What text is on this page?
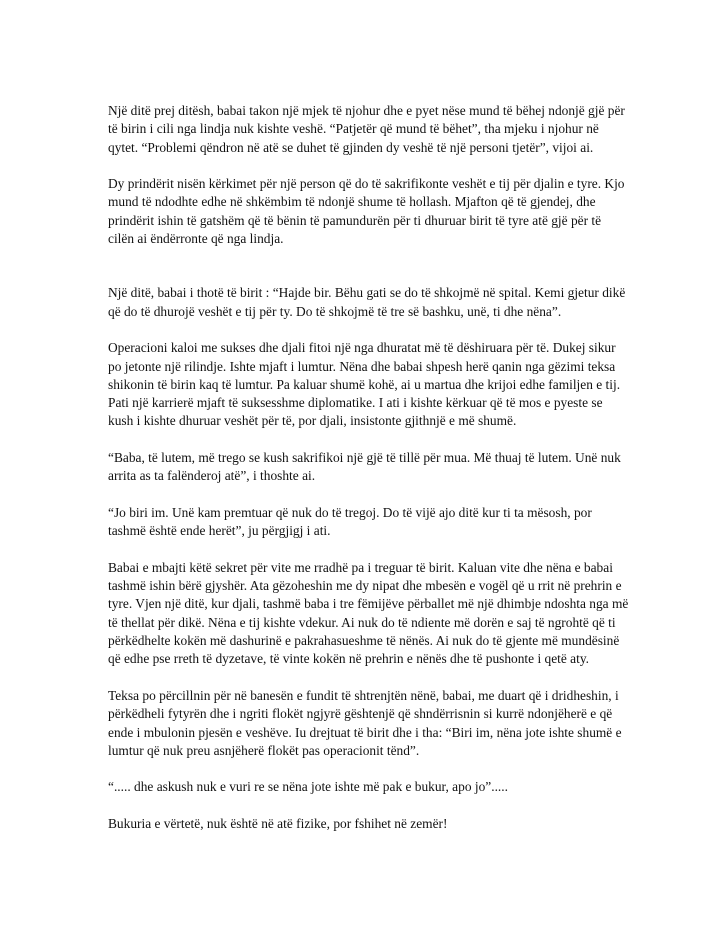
Një ditë prej ditësh, babai takon një mjek të njohur dhe e pyet nëse mund të bëhej ndonjë gjë për të birin i cili nga lindja nuk kishte veshë. “Patjetër që mund të bëhet”, tha mjeku i njohur në qytet. “Problemi qëndron në atë se duhet të gjinden dy veshë të një personi tjetër”, vijoi ai.

Dy prindërit nisën kërkimet për një person që do të sakrifikonte veshët e tij për djalin e tyre. Kjo mund të ndodhte edhe në shkëmbim të ndonjë shume të hollash. Mjafton që të gjendej, dhe prindërit ishin të gatshëm që të bënin të pamundurën për ti dhuruar birit të tyre atë gjë për të cilën ai ëndërronte që nga lindja.

Një ditë, babai i thotë të birit : “Hajde bir. Bëhu gati se do të shkojmë në spital. Kemi gjetur dikë që do të dhurojë veshët e tij për ty. Do të shkojmë të tre së bashku, unë, ti dhe nëna”.

Operacioni kaloi me sukses dhe djali fitoi një nga dhuratat më të dëshiruara për të. Dukej sikur po jetonte një rilindje. Ishte mjaft i lumtur. Nëna dhe babai shpesh herë qanin nga gëzimi teksa shikonin të birin kaq të lumtur. Pa kaluar shumë kohë, ai u martua dhe krijoi edhe familjen e tij. Pati një karrierë mjaft të suksesshme diplomatike. I ati i kishte kërkuar që të mos e pyeste se kush i kishte dhuruar veshët për të, por djali, insistonte gjithnjë e më shumë.

“Baba, të lutem, më trego se kush sakrifikoi një gjë të tillë për mua. Më thuaj të lutem. Unë nuk arrita as ta falënderoj atë”, i thoshte ai.

“Jo biri im. Unë kam premtuar që nuk do të tregoj. Do të vijë ajo ditë kur ti ta mësosh, por tashmë është ende herët”, ju përgjigj i ati.

Babai e mbajti këtë sekret për vite me rradhë pa i treguar të birit. Kaluan vite dhe nëna e babai tashmë ishin bërë gjyshër. Ata gëzoheshin me dy nipat dhe mbesën e vogël që u rrit në prehrin e tyre. Vjen një ditë, kur djali, tashmë baba i tre fëmijëve përballet më një dhimbje ndoshta nga më të thellat për dikë. Nëna e tij kishte vdekur. Ai nuk do të ndiente më dorën e saj të ngrohtë që ti përkëdhelte kokën më dashurinë e pakrahasueshme të nënës. Ai nuk do të gjente më mundësinë që edhe pse rreth të dyzetave, të vinte kokën në prehrin e nënës dhe të pushonte i qetë aty.

Teksa po përcillnin për në banesën e fundit të shtrenjtën nënë, babai, me duart që i dridheshin, i përkëdheli fytyrën dhe i ngriti flokët ngjyrë gështenjë që shndërrisnin si kurrë ndonjëherë e që ende i mbulonin pjesën e veshëve. Iu drejtuat të birit dhe i tha: “Biri im, nëna jote ishte shumë e lumtur që nuk preu asnjëherë flokët pas operacionit tënd”.

“..... dhe askush nuk e vuri re se nëna jote ishte më pak e bukur, apo jo”.....

Bukuria e vërtetë, nuk është në atë fizike, por fshihet në zemër!
